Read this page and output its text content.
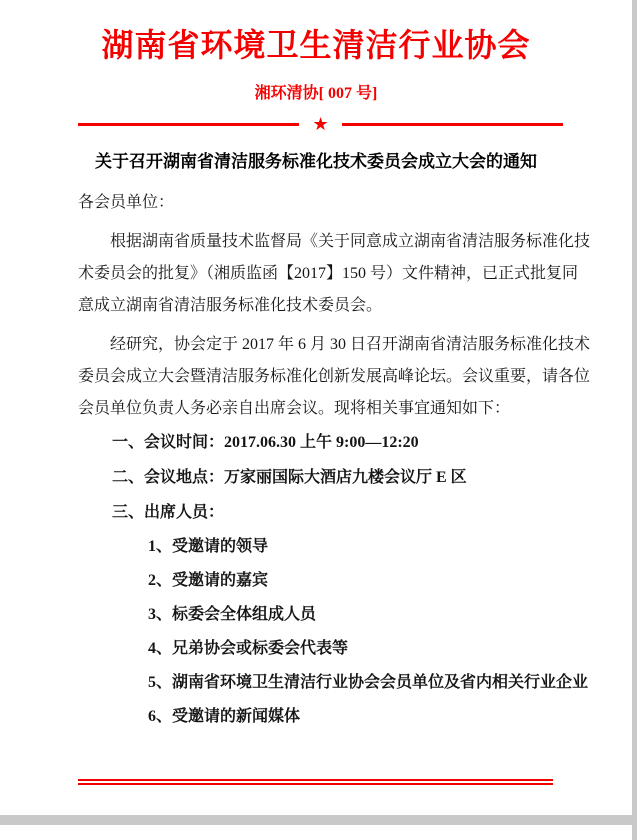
湖南省环境卫生清洁行业协会
湘环清协[ 007 号]
★
关于召开湖南省清洁服务标准化技术委员会成立大会的通知
各会员单位：
根据湖南省质量技术监督局《关于同意成立湖南省清洁服务标准化技
术委员会的批复》（湘质监函【2017】150 号）文件精神，已正式批复同
意成立湖南省清洁服务标准化技术委员会。
经研究，协会定于 2017 年 6 月 30 日召开湖南省清洁服务标准化技术
委员会成立大会暨清洁服务标准化创新发展高峰论坛。会议重要，请各位
会员单位负责人务必亲自出席会议。现将相关事宜通知如下：
一、会议时间：2017.06.30 上午 9:00—12:20
二、会议地点：万家丽国际大酒店九楼会议厅 E 区
三、出席人员：
1、受邀请的领导
2、受邀请的嘉宾
3、标委会全体组成人员
4、兄弟协会或标委会代表等
5、湖南省环境卫生清洁行业协会会员单位及省内相关行业企业
6、受邀请的新闻媒体
